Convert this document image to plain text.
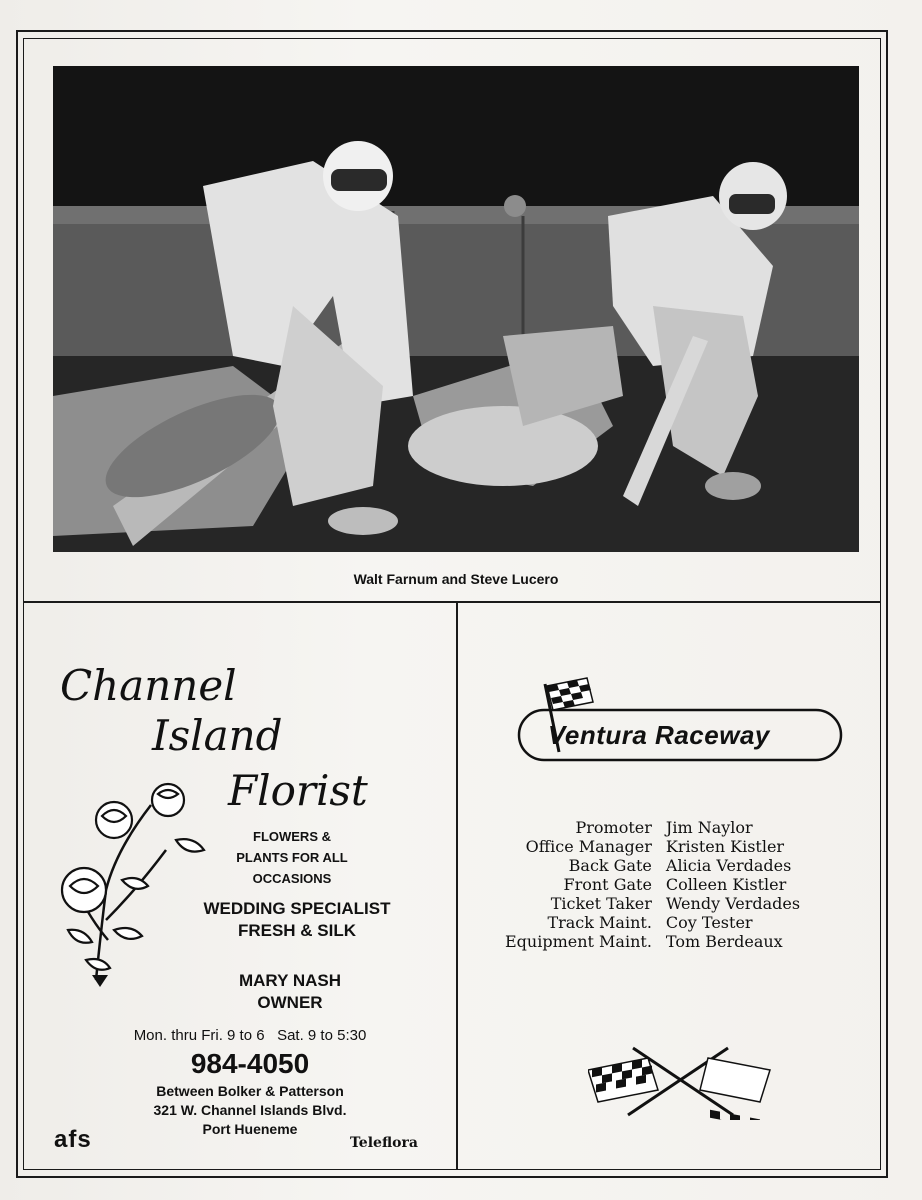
Walt Farnum and Steve Lucero
Channel
Island
Florist
FLOWERS &
PLANTS FOR ALL
OCCASIONS
WEDDING SPECIALIST
FRESH & SILK
MARY NASH
OWNER
Mon. thru Fri. 9 to 6   Sat. 9 to 5:30
984-4050
Between Bolker & Patterson
321 W. Channel Islands Blvd.
Port Hueneme
afs	Teleflora
Ventura Raceway
Promoter	Jim Naylor
Office Manager	Kristen Kistler
Back Gate	Alicia Verdades
Front Gate	Colleen Kistler
Ticket Taker	Wendy Verdades
Track Maint.	Coy Tester
Equipment Maint.	Tom Berdeaux
